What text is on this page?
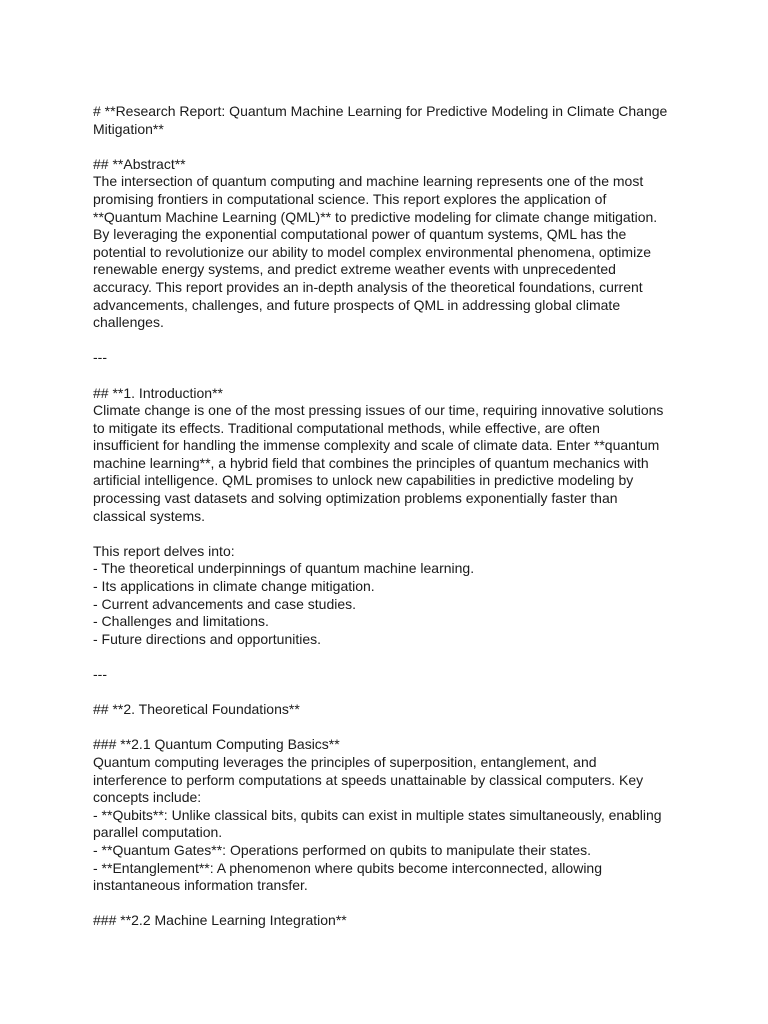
# **Research Report: Quantum Machine Learning for Predictive Modeling in Climate Change
Mitigation**
## **Abstract**
The intersection of quantum computing and machine learning represents one of the most
promising frontiers in computational science. This report explores the application of
**Quantum Machine Learning (QML)** to predictive modeling for climate change mitigation.
By leveraging the exponential computational power of quantum systems, QML has the
potential to revolutionize our ability to model complex environmental phenomena, optimize
renewable energy systems, and predict extreme weather events with unprecedented
accuracy. This report provides an in-depth analysis of the theoretical foundations, current
advancements, challenges, and future prospects of QML in addressing global climate
challenges.
---
## **1. Introduction**
Climate change is one of the most pressing issues of our time, requiring innovative solutions
to mitigate its effects. Traditional computational methods, while effective, are often
insufficient for handling the immense complexity and scale of climate data. Enter **quantum
machine learning**, a hybrid field that combines the principles of quantum mechanics with
artificial intelligence. QML promises to unlock new capabilities in predictive modeling by
processing vast datasets and solving optimization problems exponentially faster than
classical systems.
This report delves into:
- The theoretical underpinnings of quantum machine learning.
- Its applications in climate change mitigation.
- Current advancements and case studies.
- Challenges and limitations.
- Future directions and opportunities.
---
## **2. Theoretical Foundations**
### **2.1 Quantum Computing Basics**
Quantum computing leverages the principles of superposition, entanglement, and
interference to perform computations at speeds unattainable by classical computers. Key
concepts include:
- **Qubits**: Unlike classical bits, qubits can exist in multiple states simultaneously, enabling
parallel computation.
- **Quantum Gates**: Operations performed on qubits to manipulate their states.
- **Entanglement**: A phenomenon where qubits become interconnected, allowing
instantaneous information transfer.
### **2.2 Machine Learning Integration**
